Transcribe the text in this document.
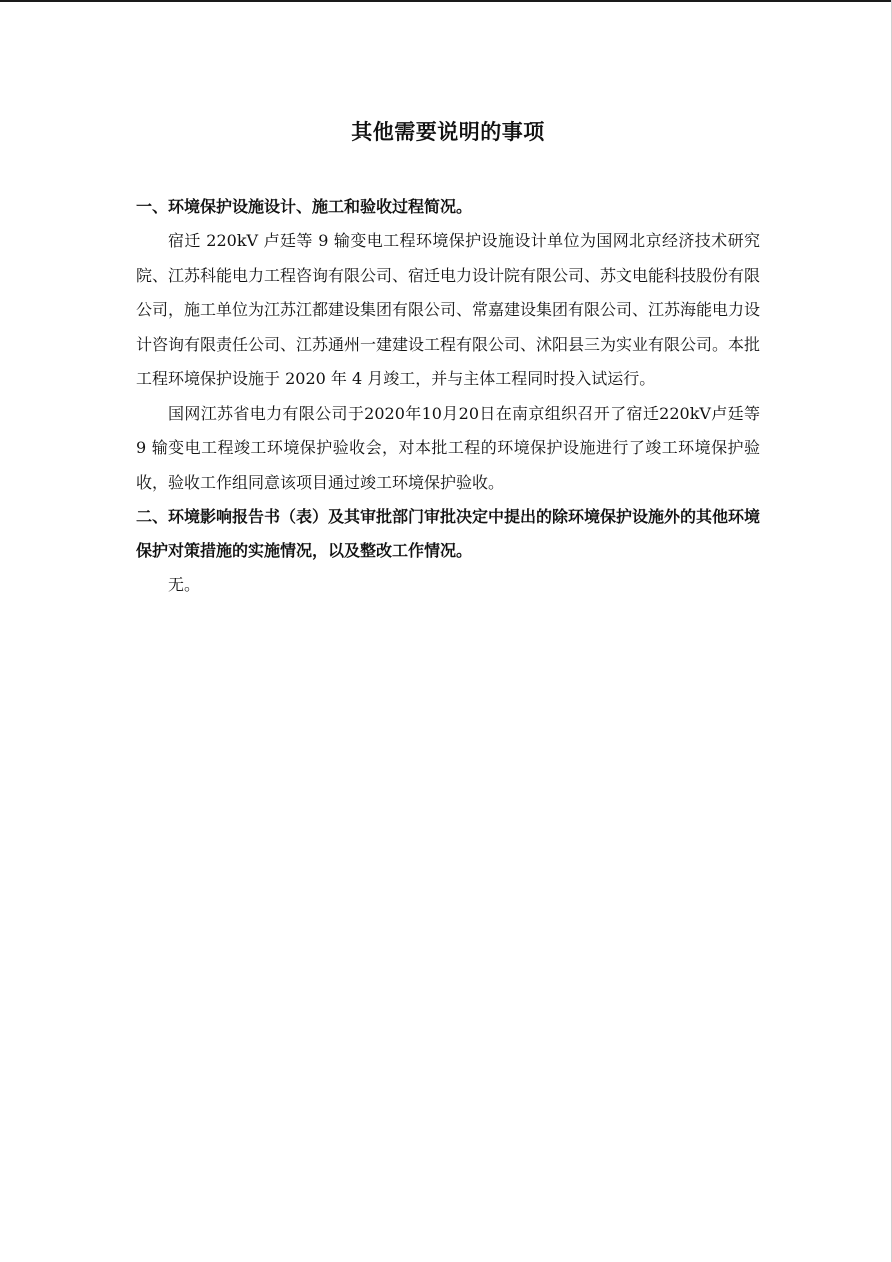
其他需要说明的事项
一、环境保护设施设计、施工和验收过程简况。

宿迁 220kV 卢廷等 9 输变电工程环境保护设施设计单位为国网北京经济技术研究院、江苏科能电力工程咨询有限公司、宿迁电力设计院有限公司、苏文电能科技股份有限公司，施工单位为江苏江都建设集团有限公司、常嘉建设集团有限公司、江苏海能电力设计咨询有限责任公司、江苏通州一建建设工程有限公司、沭阳县三为实业有限公司。本批工程环境保护设施于 2020 年 4 月竣工，并与主体工程同时投入试运行。

国网江苏省电力有限公司于2020年10月20日在南京组织召开了宿迁220kV卢廷等 9 输变电工程竣工环境保护验收会，对本批工程的环境保护设施进行了竣工环境保护验收，验收工作组同意该项目通过竣工环境保护验收。

二、环境影响报告书（表）及其审批部门审批决定中提出的除环境保护设施外的其他环境保护对策措施的实施情况，以及整改工作情况。

无。
